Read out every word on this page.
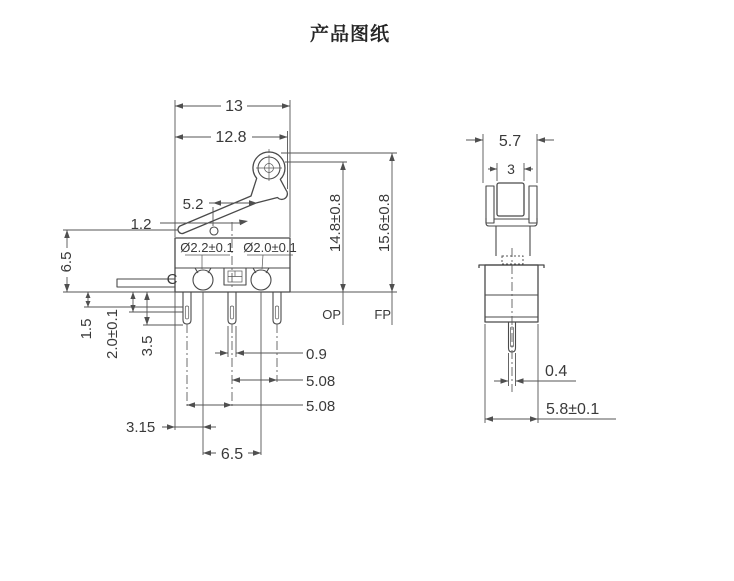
产品图纸
13
12.8
5.2
1.2
6.5
1.5 2.0±0.1 3.5
Ø2.2±0.1 Ø2.0±0.1
C
14.8±0.8
OP
15.6±0.8
FP
0.9
5.08
5.08
3.15
6.5
5.7
3
0.4
5.8±0.1
